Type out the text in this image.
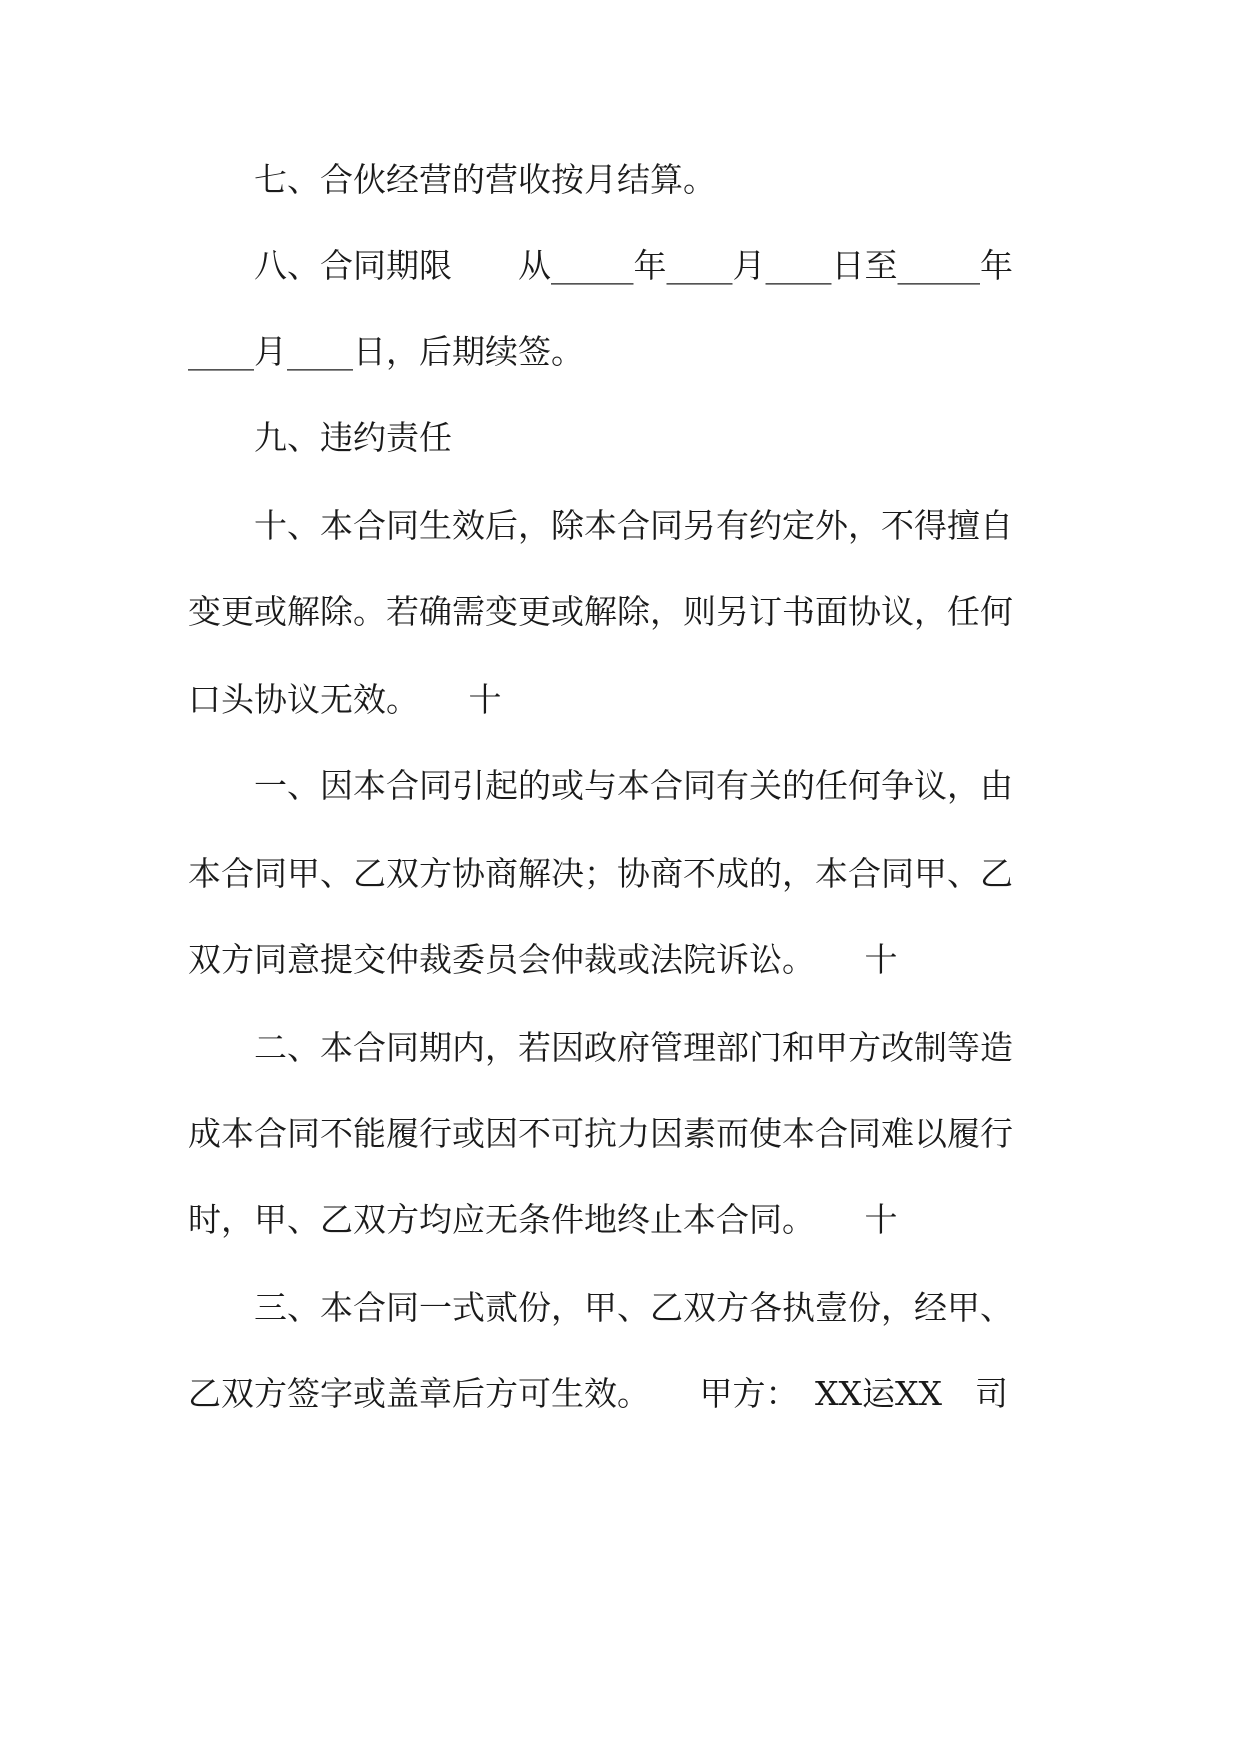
七、合伙经营的营收按月结算。
八、合同期限　　从_____年____月____日至_____年
____月____日，后期续签。
九、违约责任
十、本合同生效后，除本合同另有约定外，不得擅自
变更或解除。若确需变更或解除，则另订书面协议，任何
口头协议无效。　　十
一、因本合同引起的或与本合同有关的任何争议，由
本合同甲、乙双方协商解决；协商不成的，本合同甲、乙
双方同意提交仲裁委员会仲裁或法院诉讼。　　十
二、本合同期内，若因政府管理部门和甲方改制等造
成本合同不能履行或因不可抗力因素而使本合同难以履行
时，甲、乙双方均应无条件地终止本合同。　　十
三、本合同一式贰份，甲、乙双方各执壹份，经甲、
乙双方签字或盖章后方可生效。　　甲方：　XX运XX　司
